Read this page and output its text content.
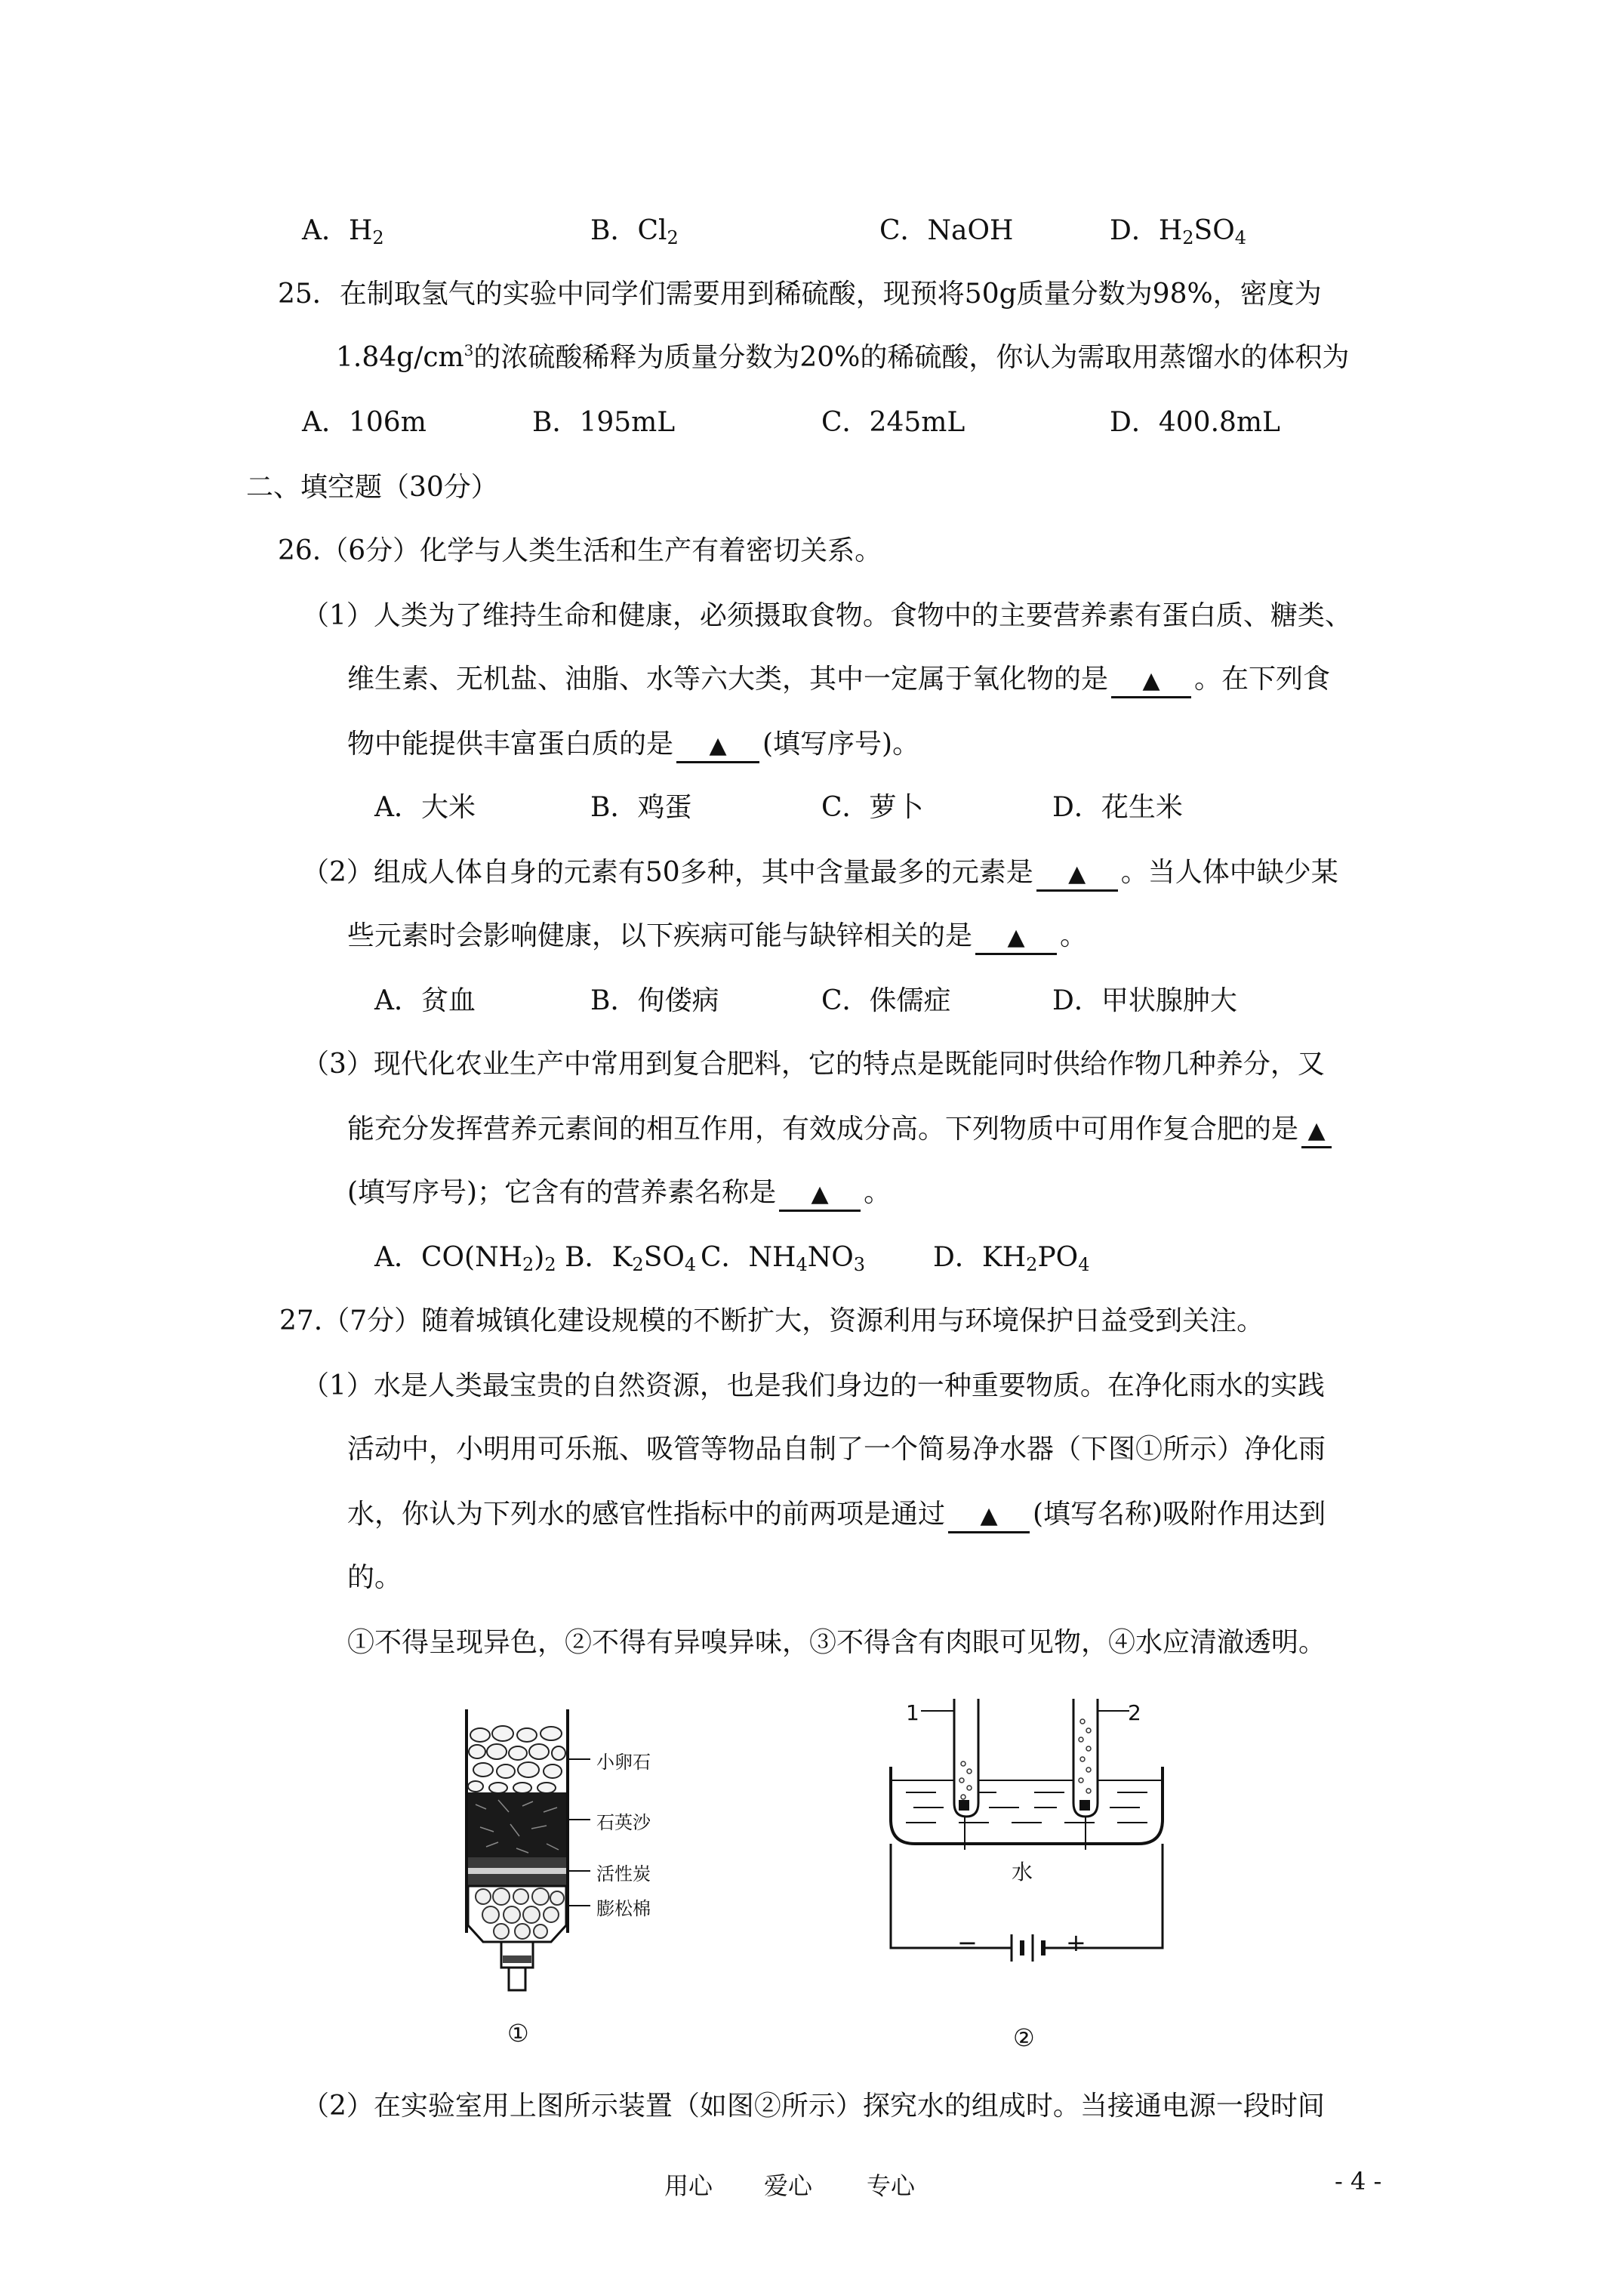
A．$H_2$	B．$Cl_2$	C．NaOH	D．$H_2SO_4$
25．在制取氢气的实验中同学们需要用到稀硫酸，现预将50g质量分数为98%，密度为
$1.84g/cm^3$的浓硫酸稀释为质量分数为20%的稀硫酸，你认为需取用蒸馏水的体积为
A．106m	B．195mL	C．245mL	D．400.8mL
二、填空题（30分）
26.（6分）化学与人类生活和生产有着密切关系。
（1）人类为了维持生命和健康，必须摄取食物。食物中的主要营养素有蛋白质、糖类、
维生素、无机盐、油脂、水等六大类，其中一定属于氧化物的是 ▲ 。在下列食
物中能提供丰富蛋白质的是 ▲ (填写序号)。
A．大米	B．鸡蛋	C．萝卜	D．花生米
（2）组成人体自身的元素有50多种，其中含量最多的元素是 ▲ 。当人体中缺少某
些元素时会影响健康，以下疾病可能与缺锌相关的是 ▲ 。
A．贫血	B．佝偻病	C．侏儒症	D．甲状腺肿大
（3）现代化农业生产中常用到复合肥料，它的特点是既能同时供给作物几种养分，又
能充分发挥营养元素间的相互作用，有效成分高。下列物质中可用作复合肥的是 ▲
(填写序号)；它含有的营养素名称是 ▲ 。
A．$CO(NH_2)_2$ B．$K_2SO_4$ C．$NH_4NO_3$ D．$KH_2PO_4$
27.（7分）随着城镇化建设规模的不断扩大，资源利用与环境保护日益受到关注。
（1）水是人类最宝贵的自然资源，也是我们身边的一种重要物质。在净化雨水的实践
活动中，小明用可乐瓶、吸管等物品自制了一个简易净水器（下图①所示）净化雨
水，你认为下列水的感官性指标中的前两项是通过 ▲ (填写名称)吸附作用达到
的。
①不得呈现异色，②不得有异嗅异味，③不得含有肉眼可见物，④水应清澈透明。
小卵石
石英沙
活性炭
膨松棉
①
1	2
水
−	+
②
（2）在实验室用上图所示装置（如图②所示）探究水的组成时。当接通电源一段时间
用心 爱心 专心	- 4 -
